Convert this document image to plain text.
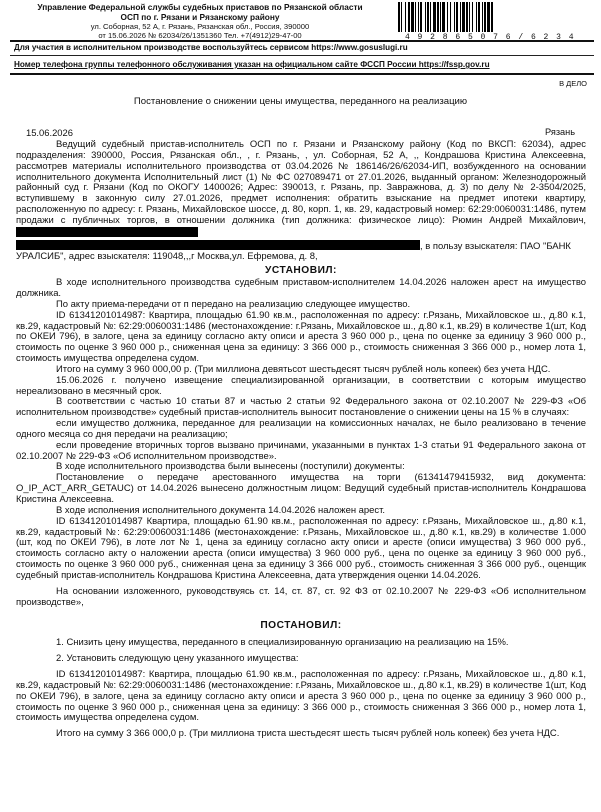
Управление Федеральной службы судебных приставов по Рязанской области
ОСП по г. Рязани и Рязанскому району
ул. Соборная, 52 А, г. Рязань, Рязанская обл., Россия, 390000
от 15.06.2026 № 62034/26/1351360 Тел. +7(4912)29-47-00	4 9 2 8 6 5 0 7 6 / 6 2 3 4
Для участия в исполнительном производстве воспользуйтесь сервисом https://www.gosuslugi.ru
Номер телефона группы телефонного обслуживания указан на официальном сайте ФССП России https://fssp.gov.ru
В ДЕЛО
Постановление о снижении цены имущества, переданного на реализацию
15.06.2026	Рязань

Ведущий судебный пристав-исполнитель ОСП по г. Рязани и Рязанскому району (Код по ВКСП: 62034), адрес подразделения: 390000, Россия, Рязанская обл., , г. Рязань, , ул. Соборная, 52 А, ,, Кондрашова Кристина Алексеевна, рассмотрев материалы исполнительного производства от 03.04.2026 № 186146/26/62034-ИП, возбужденного на основании исполнительного документа Исполнительный лист (1) № ФС 027089471 от 27.01.2026, выданный органом: Железнодорожный районный суд г. Рязани (Код по ОКОГУ 1400026; Адрес: 390013, г. Рязань, пр. Завражнова, д. 3) по делу № 2-3504/2025, вступившему в законную силу 27.01.2026, предмет исполнения: обратить взыскание на предмет ипотеки квартиру, расположенную по адресу: г. Рязань, Михайловское шоссе, д. 80, корп. 1, кв. 29, кадастровый номер: 62:29:0060031:1486, путем продажи с публичных торгов, в отношении должника (тип должника: физическое лицо): Рюмин Андрей Михайлович,

, в пользу взыскателя: ПАО "БАНК

УРАЛСИБ", адрес взыскателя: 119048,,,г Москва,ул. Ефремова, д. 8,

УСТАНОВИЛ:

В ходе исполнительного производства судебным приставом-исполнителем 14.04.2026 наложен арест на имущество должника.

По акту приема-передачи от п передано на реализацию следующее имущество.

ID 61341201014987: Квартира, площадью 61.90 кв.м., расположенная по адресу: г.Рязань, Михайловское ш., д.80 к.1, кв.29, кадастровый №: 62:29:0060031:1486 (местонахождение: г.Рязань, Михайловское ш., д.80 к.1, кв.29) в количестве 1(шт, Код по ОКЕИ 796), в залоге, цена за единицу согласно акту описи и ареста 3 960 000 р., цена по оценке за единицу 3 960 000 р., стоимость по оценке 3 960 000 р., сниженная цена за единицу: 3 366 000 р., стоимость сниженная 3 366 000 р., номер лота 1, стоимость имущества определена судом.

Итого на сумму 3 960 000,00 р. (Три миллиона девятьсот шестьдесят тысяч рублей ноль копеек) без учета НДС.

15.06.2026 г. получено извещение специализированной организации, в соответствии с которым имущество нереализовано в месячный срок.

В соответствии с частью 10 статьи 87 и частью 2 статьи 92 Федерального закона от 02.10.2007 № 229-ФЗ «Об исполнительном производстве» судебный пристав-исполнитель выносит постановление о снижении цены на 15 % в случаях:

если имущество должника, переданное для реализации на комиссионных началах, не было реализовано в течение одного месяца со дня передачи на реализацию;

если проведение вторичных торгов вызвано причинами, указанными в пунктах 1-3 статьи 91 Федерального закона от 02.10.2007 № 229-ФЗ «Об исполнительном производстве».

В ходе исполнительного производства были вынесены (поступили) документы:

Постановление о передаче арестованного имущества на торги (61341479415932, вид документа: O_IP_ACT_ARR_GETAUC) от 14.04.2026 вынесено должностным лицом: Ведущий судебный пристав-исполнитель Кондрашова Кристина Алексеевна.

В ходе исполнения исполнительного документа 14.04.2026 наложен арест.

ID 61341201014987 Квартира, площадью 61.90 кв.м., расположенная по адресу: г.Рязань, Михайловское ш., д.80 к.1, кв.29, кадастровый №: 62:29:0060031:1486 (местонахождение: г.Рязань, Михайловское ш., д.80 к.1, кв.29) в количестве 1.000 (шт, код по ОКЕИ 796), в лоте лот № 1, цена за единицу согласно акту описи и аресте (описи имущества) 3 960 000 руб., стоимость согласно акту о наложении ареста (описи имущества) 3 960 000 руб., цена по оценке за единицу 3 960 000 руб., стоимость по оценке 3 960 000 руб., сниженная цена за единицу 3 366 000 руб., стоимость сниженная 3 366 000 руб., оценщик судебный пристав-исполнитель Кондрашова Кристина Алексеевна, дата утверждения оценки 14.04.2026.

На основании изложенного, руководствуясь ст. 14, ст. 87, ст. 92 ФЗ от 02.10.2007 № 229-ФЗ «Об исполнительном производстве»,

ПОСТАНОВИЛ:

1. Снизить цену имущества, переданного в специализированную организацию на реализацию на 15%.

2. Установить следующую цену указанного имущества:

ID 61341201014987: Квартира, площадью 61.90 кв.м., расположенная по адресу: г.Рязань, Михайловское ш., д.80 к.1, кв.29, кадастровый №: 62:29:0060031:1486 (местонахождение: г.Рязань, Михайловское ш., д.80 к.1, кв.29) в количестве 1(шт, Код по ОКЕИ 796), в залоге, цена за единицу согласно акту описи и ареста 3 960 000 р., цена по оценке за единицу 3 960 000 р., стоимость по оценке 3 960 000 р., сниженная цена за единицу: 3 366 000 р., стоимость сниженная 3 366 000 р., номер лота 1, стоимость имущества определена судом.

Итого на сумму 3 366 000,0 р. (Три миллиона триста шестьдесят шесть тысяч рублей ноль копеек) без учета НДС.
